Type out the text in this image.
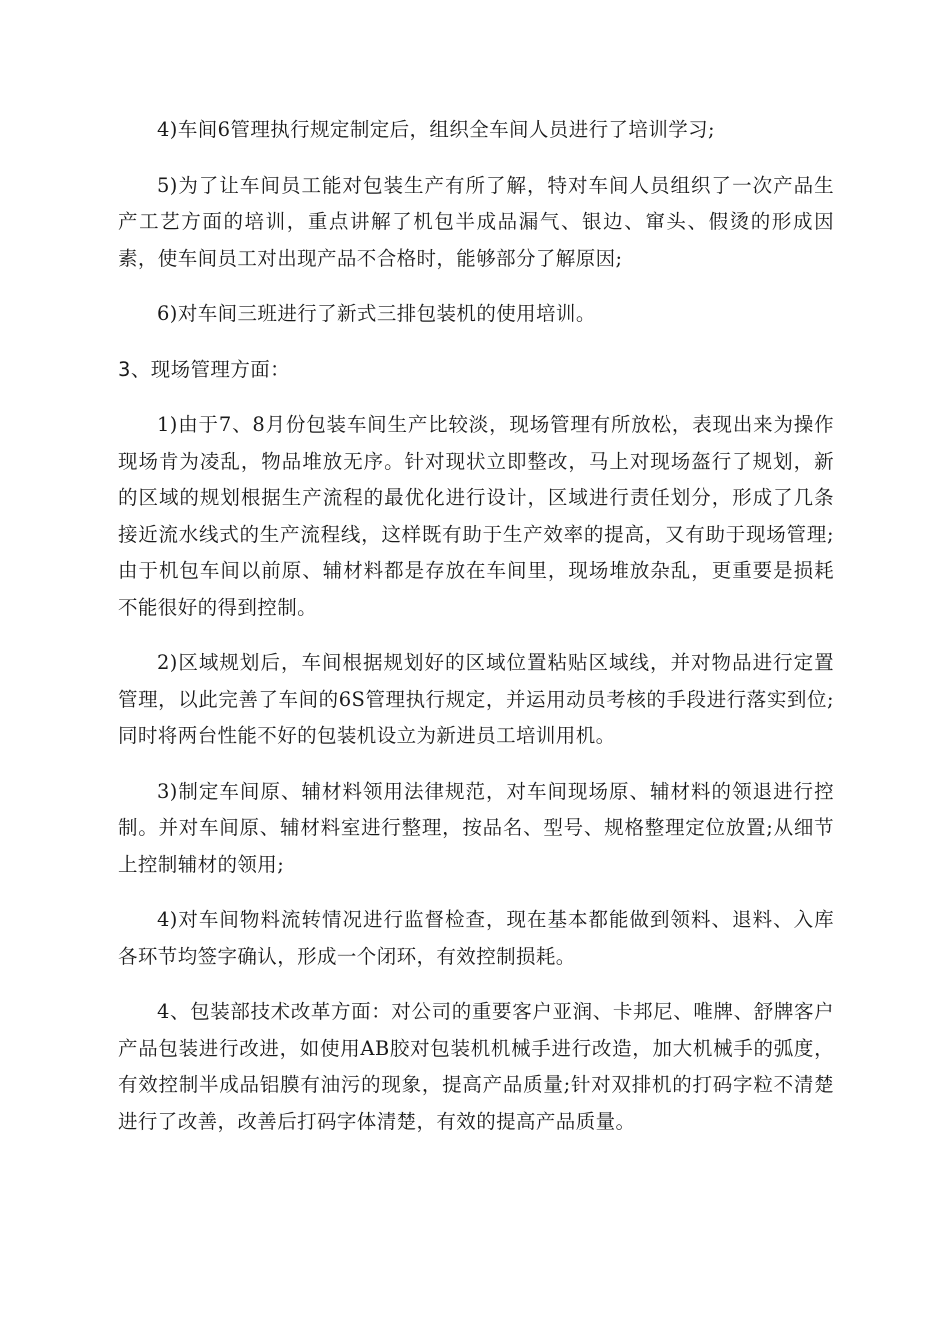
4)车间6管理执行规定制定后，组织全车间人员进行了培训学习;

5)为了让车间员工能对包装生产有所了解，特对车间人员组织了一次产品生产工艺方面的培训，重点讲解了机包半成品漏气、银边、窜头、假烫的形成因素，使车间员工对出现产品不合格时，能够部分了解原因;

6)对车间三班进行了新式三排包装机的使用培训。

3、现场管理方面：

1)由于7、8月份包装车间生产比较淡，现场管理有所放松，表现出来为操作现场肯为凌乱，物品堆放无序。针对现状立即整改，马上对现场盔行了规划，新的区域的规划根据生产流程的最优化进行设计，区域进行责任划分，形成了几条接近流水线式的生产流程线，这样既有助于生产效率的提高，又有助于现场管理;由于机包车间以前原、辅材料都是存放在车间里，现场堆放杂乱，更重要是损耗不能很好的得到控制。

2)区域规划后，车间根据规划好的区域位置粘贴区域线，并对物品进行定置管理，以此完善了车间的6S管理执行规定，并运用动员考核的手段进行落实到位;同时将两台性能不好的包装机设立为新进员工培训用机。

3)制定车间原、辅材料领用法律规范，对车间现场原、辅材料的领退进行控制。并对车间原、辅材料室进行整理，按品名、型号、规格整理定位放置;从细节上控制辅材的领用;

4)对车间物料流转情况进行监督检查，现在基本都能做到领料、退料、入库各环节均签字确认，形成一个闭环，有效控制损耗。

4、包装部技术改革方面：对公司的重要客户亚润、卡邦尼、唯牌、舒牌客户产品包装进行改进，如使用AB胶对包装机机械手进行改造，加大机械手的弧度，有效控制半成品铝膜有油污的现象，提高产品质量;针对双排机的打码字粒不清楚进行了改善，改善后打码字体清楚，有效的提高产品质量。
